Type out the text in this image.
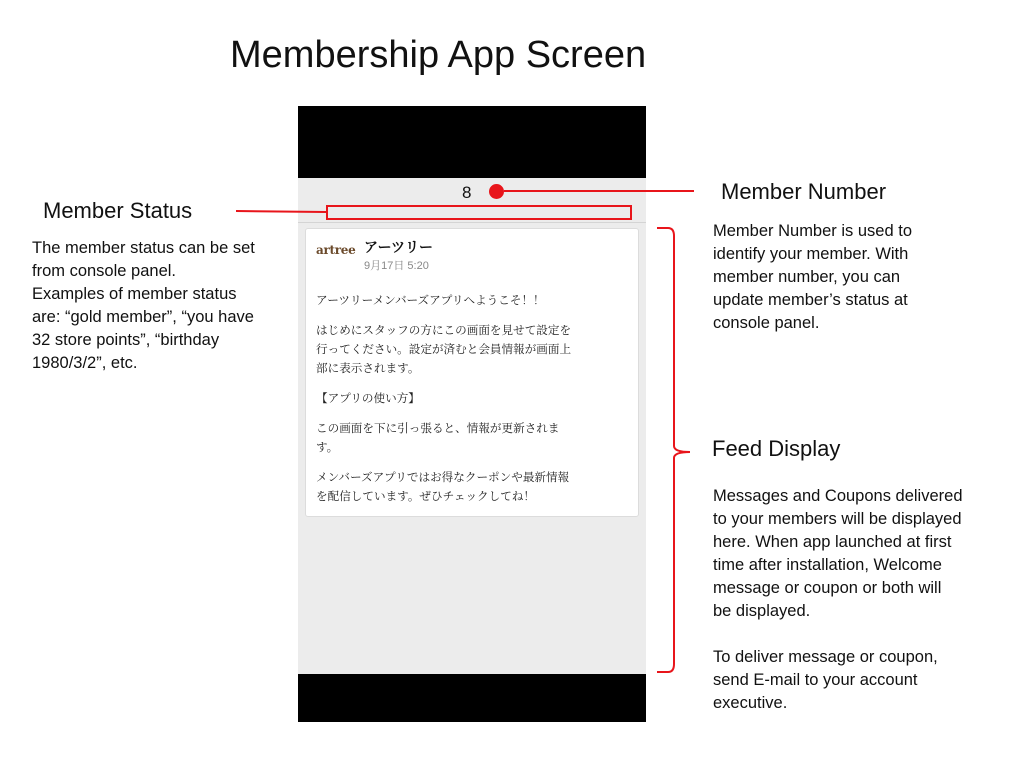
Membership App Screen
8
artree アーツリー
9月17日 5:20

アーツリーメンバーズアプリへようこそ！！

はじめにスタッフの方にこの画面を見せて設定を
行ってください。設定が済むと会員情報が画面上
部に表示されます。

【アプリの使い方】

この画面を下に引っ張ると、情報が更新されま
す。

メンバーズアプリではお得なクーポンや最新情報
を配信しています。ぜひチェックしてね！

Member Status
The member status can be set
from console panel.
Examples of member status
are: “gold member”, “you have
32 store points”, “birthday
1980/3/2”, etc.
Member Number
Member Number is used to
identify your member. With
member number, you can
update member’s status at
console panel.
Feed Display
Messages and Coupons delivered
to your members will be displayed
here. When app launched at first
time after installation, Welcome
message or coupon or both will
be displayed.

To deliver message or coupon,
send E-mail to your account
executive.
